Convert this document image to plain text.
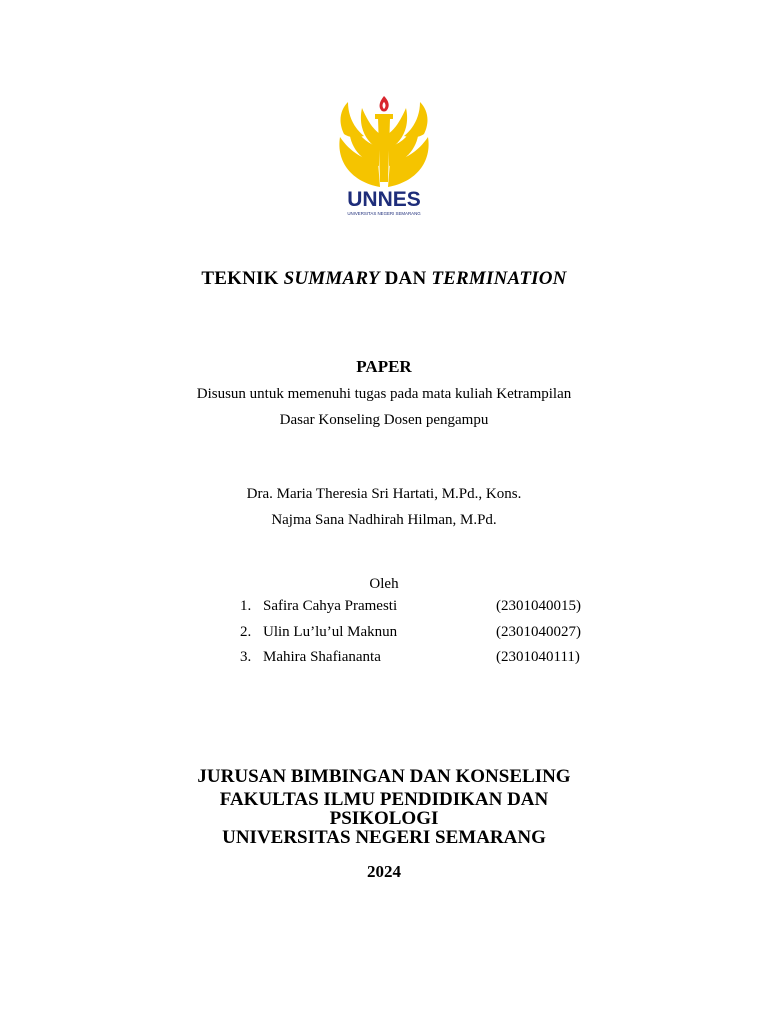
UNNES
UNIVERSITAS NEGERI SEMARANG
TEKNIK SUMMARY DAN TERMINATION
PAPER
Disusun untuk memenuhi tugas pada mata kuliah Ketrampilan
Dasar Konseling Dosen pengampu
Dra. Maria Theresia Sri Hartati, M.Pd., Kons.
Najma Sana Nadhirah Hilman, M.Pd.
Oleh
1. Safira Cahya Pramesti	(2301040015)
2. Ulin Lu’lu’ul Maknun	(2301040027)
3. Mahira Shafiananta	(2301040111)
JURUSAN BIMBINGAN DAN KONSELING
FAKULTAS ILMU PENDIDIKAN DAN
PSIKOLOGI
UNIVERSITAS NEGERI SEMARANG
2024
